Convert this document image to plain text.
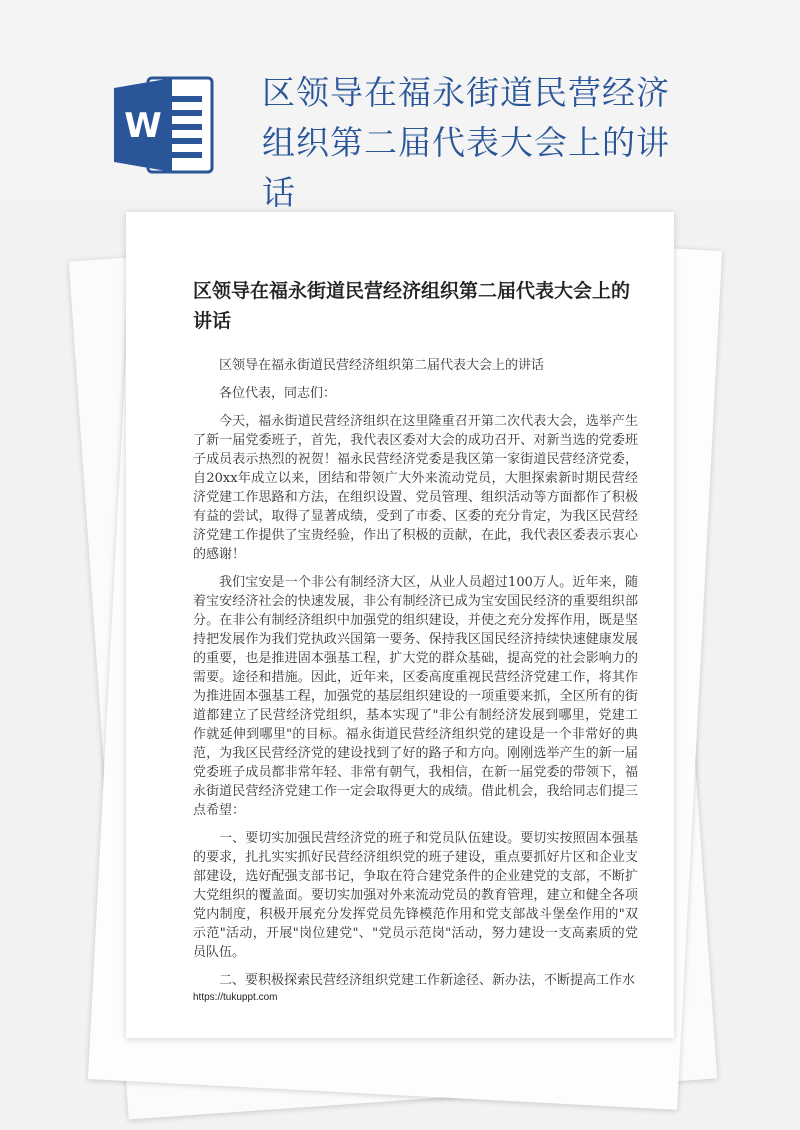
W
区领导在福永街道民营经济组织第二届代表大会上的讲话
区领导在福永街道民营经济组织第二届代表大会上的讲话

区领导在福永街道民营经济组织第二届代表大会上的讲话

各位代表，同志们：

今天，福永街道民营经济组织在这里隆重召开第二次代表大会，选举产生了新一届党委班子，首先，我代表区委对大会的成功召开、对新当选的党委班子成员表示热烈的祝贺！福永民营经济党委是我区第一家街道民营经济党委，自20xx年成立以来，团结和带领广大外来流动党员，大胆探索新时期民营经济党建工作思路和方法，在组织设置、党员管理、组织活动等方面都作了积极有益的尝试，取得了显著成绩，受到了市委、区委的充分肯定，为我区民营经济党建工作提供了宝贵经验，作出了积极的贡献，在此，我代表区委表示衷心的感谢！

我们宝安是一个非公有制经济大区，从业人员超过100万人。近年来，随着宝安经济社会的快速发展，非公有制经济已成为宝安国民经济的重要组织部分。在非公有制经济组织中加强党的组织建设，并使之充分发挥作用，既是坚持把发展作为我们党执政兴国第一要务、保持我区国民经济持续快速健康发展的重要，也是推进固本强基工程，扩大党的群众基础，提高党的社会影响力的需要。途径和措施。因此，近年来，区委高度重视民营经济党建工作，将其作为推进固本强基工程，加强党的基层组织建设的一项重要来抓，全区所有的街道都建立了民营经济党组织，基本实现了"非公有制经济发展到哪里，党建工作就延伸到哪里"的目标。福永街道民营经济组织党的建设是一个非常好的典范，为我区民营经济党的建设找到了好的路子和方向。刚刚选举产生的新一届党委班子成员都非常年轻、非常有朝气，我相信，在新一届党委的带领下，福永街道民营经济党建工作一定会取得更大的成绩。借此机会，我给同志们提三点希望：

一、要切实加强民营经济党的班子和党员队伍建设。要切实按照固本强基的要求，扎扎实实抓好民营经济组织党的班子建设，重点要抓好片区和企业支部建设，选好配强支部书记，争取在符合建党条件的企业建党的支部，不断扩大党组织的覆盖面。要切实加强对外来流动党员的教育管理，建立和健全各项党内制度，积极开展充分发挥党员先锋模范作用和党支部战斗堡垒作用的"双示范"活动，开展"岗位建党"、"党员示范岗"活动，努力建设一支高素质的党员队伍。

二、要积极探索民营经济组织党建工作新途径、新办法，不断提高工作水

https://tukuppt.com
